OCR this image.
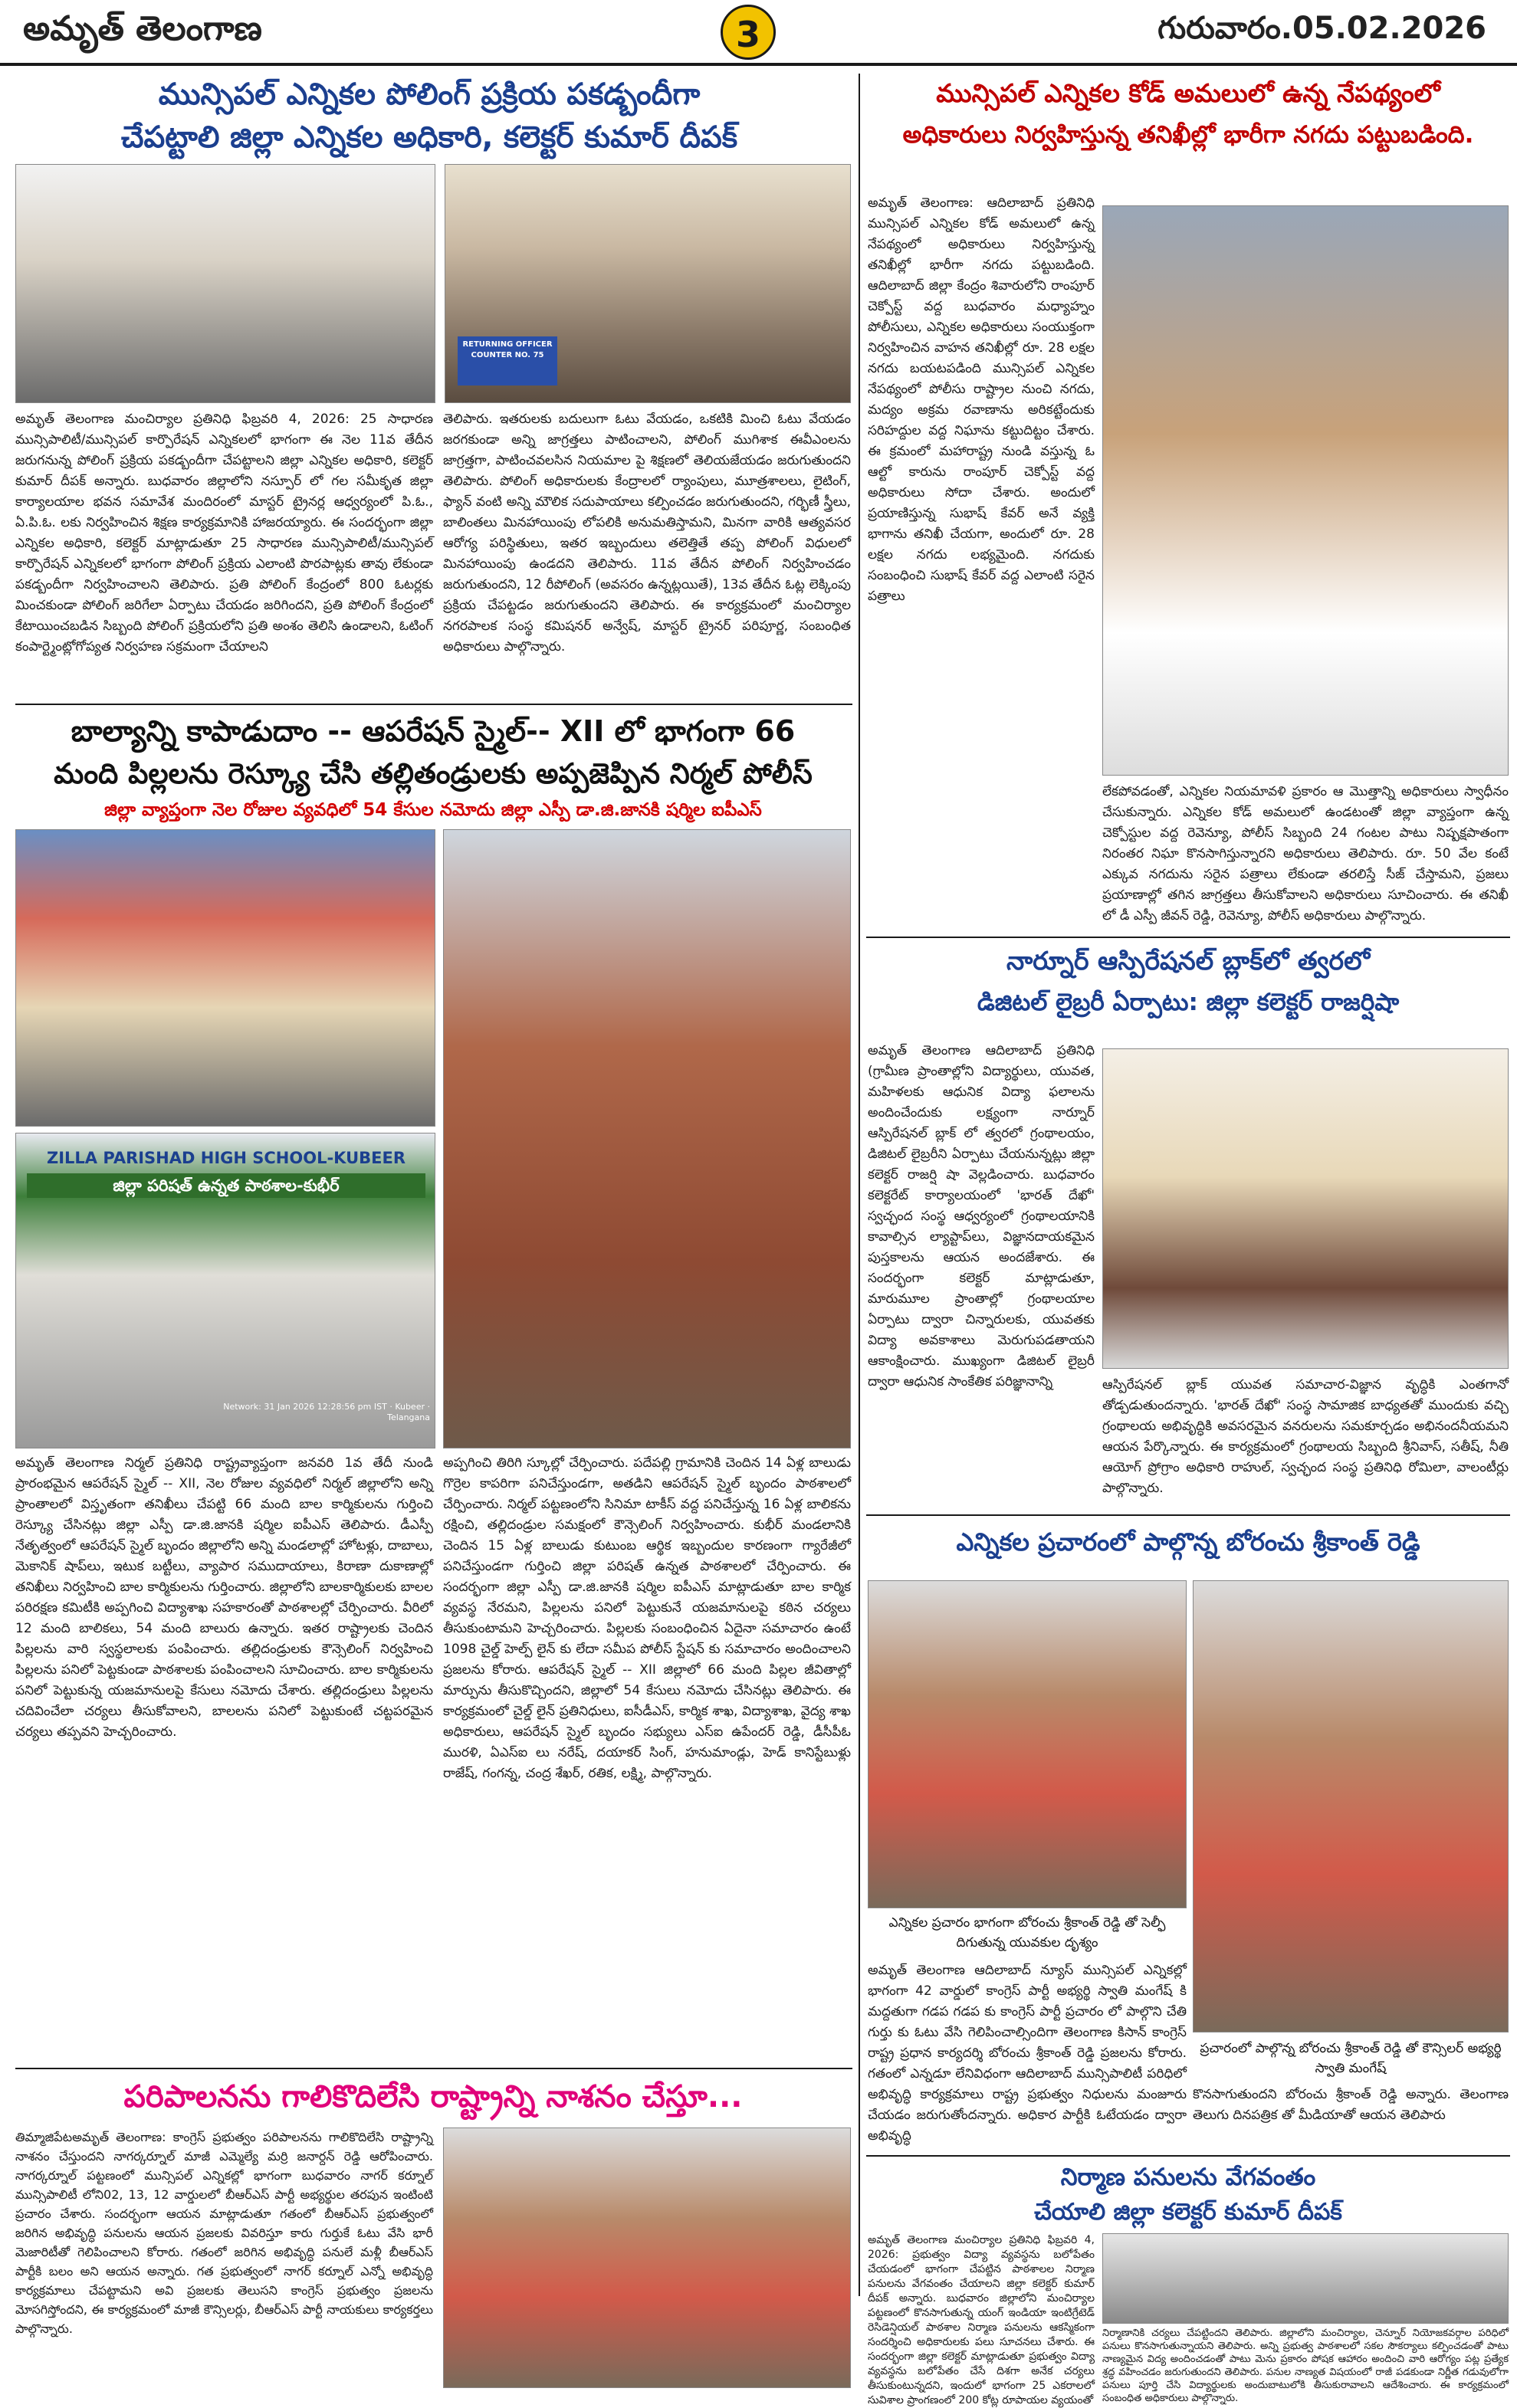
అమృత్ తెలంగాణ	3	గురువారం.05.02.2026
మున్సిపల్ ఎన్నికల పోలింగ్ ప్రక్రియ పకడ్బందీగా
చేపట్టాలి జిల్లా ఎన్నికల అధికారి, కలెక్టర్ కుమార్ దీపక్
RETURNING OFFICER COUNTER NO. 75
అమృత్ తెలంగాణ మంచిర్యాల ప్రతినిధి ఫిబ్రవరి 4, 2026: 25 సాధారణ మున్సిపాలిటీ/మున్సిపల్ కార్పొరేషన్ ఎన్నికలలో భాగంగా ఈ నెల 11వ తేదీన జరుగనున్న పోలింగ్ ప్రక్రియ పకడ్బందీగా చేపట్టాలని జిల్లా ఎన్నికల అధికారి, కలెక్టర్ కుమార్ దీపక్ అన్నారు. బుధవారం జిల్లాలోని నస్పూర్ లో గల సమీకృత జిల్లా కార్యాలయాల భవన సమావేశ మందిరంలో మాస్టర్ ట్రైనర్ల ఆధ్వర్యంలో పి.ఓ., ఏ.పి.ఓ. లకు నిర్వహించిన శిక్షణ కార్యక్రమానికి హాజరయ్యారు. ఈ సందర్భంగా జిల్లా ఎన్నికల అధికారి, కలెక్టర్ మాట్లాడుతూ 25 సాధారణ మున్సిపాలిటీ/మున్సిపల్ కార్పొరేషన్ ఎన్నికలలో భాగంగా పోలింగ్ ప్రక్రియ ఎలాంటి పొరపాట్లకు తావు లేకుండా పకడ్బందీగా నిర్వహించాలని తెలిపారు. ప్రతి పోలింగ్ కేంద్రంలో 800 ఓటర్లకు మించకుండా పోలింగ్ జరిగేలా ఏర్పాటు చేయడం జరిగిందని, ప్రతి పోలింగ్ కేంద్రంలో కేటాయించబడిన సిబ్బంది పోలింగ్ ప్రక్రియలోని ప్రతి అంశం తెలిసి ఉండాలని, ఓటింగ్ కంపార్ట్మెంట్లోగోప్యత నిర్వహణ సక్రమంగా చేయాలని
తెలిపారు. ఇతరులకు బదులుగా ఓటు వేయడం, ఒకటికి మించి ఓటు వేయడం జరగకుండా అన్ని జాగ్రత్తలు పాటించాలని, పోలింగ్ ముగిశాక ఈవీఎంలను జాగ్రత్తగా, పాటించవలసిన నియమాల పై శిక్షణలో తెలియజేయడం జరుగుతుందని తెలిపారు. పోలింగ్ అధికారులకు కేంద్రాలలో ర్యాంపులు, మూత్రశాలలు, లైటింగ్, ఫ్యాన్ వంటి అన్ని మౌలిక సదుపాయాలు కల్పించడం జరుగుతుందని, గర్భిణీ స్త్రీలు, బాలింతలు మినహాయింపు లోపలికి అనుమతిస్తామని, మినగా వారికి ఆత్యవసర ఆరోగ్య పరిస్థితులు, ఇతర ఇబ్బందులు తలెత్తితే తప్ప పోలింగ్ విధులలో మినహాయింపు ఉండదని తెలిపారు. 11వ తేదీన పోలింగ్ నిర్వహించడం జరుగుతుందని, 12 రీపోలింగ్ (అవసరం ఉన్నట్లయితే), 13వ తేదీన ఓట్ల లెక్కింపు ప్రక్రియ చేపట్టడం జరుగుతుందని తెలిపారు. ఈ కార్యక్రమంలో మంచిర్యాల నగరపాలక సంస్థ కమిషనర్ అన్వేష్, మాస్టర్ ట్రైనర్ పరిపూర్ణ, సంబంధిత అధికారులు పాల్గొన్నారు.
మున్సిపల్ ఎన్నికల కోడ్ అమలులో ఉన్న నేపథ్యంలో
అధికారులు నిర్వహిస్తున్న తనిఖీల్లో భారీగా నగదు పట్టుబడింది.
అమృత్ తెలంగాణ: ఆదిలాబాద్ ప్రతినిధి మున్సిపల్ ఎన్నికల కోడ్ అమలులో ఉన్న నేపథ్యంలో అధికారులు నిర్వహిస్తున్న తనిఖీల్లో భారీగా నగదు పట్టుబడింది. ఆదిలాబాద్ జిల్లా కేంద్రం శివారులోని రాంపూర్ చెక్పోస్ట్ వద్ద బుధవారం మధ్యాహ్నం పోలీసులు, ఎన్నికల అధికారులు సంయుక్తంగా నిర్వహించిన వాహన తనిఖీల్లో రూ. 28 లక్షల నగదు బయటపడింది మున్సిపల్ ఎన్నికల నేపథ్యంలో పోలీసు రాష్ట్రాల నుంచి నగదు, మద్యం అక్రమ రవాణాను అరికట్టేందుకు సరిహద్దుల వద్ద నిఘాను కట్టుదిట్టం చేశారు. ఈ క్రమంలో మహారాష్ట్ర నుండి వస్తున్న ఓ ఆల్టో కారును రాంపూర్ చెక్పోస్ట్ వద్ద అధికారులు సోదా చేశారు. అందులో ప్రయాణిస్తున్న సుభాష్ కేవర్ అనే వ్యక్తి భాగాను తనిఖీ చేయగా, అందులో రూ. 28 లక్షల నగదు లభ్యమైంది. నగదుకు సంబంధించి సుభాష్ కేవర్ వద్ద ఎలాంటి సరైన పత్రాలు
లేకపోవడంతో, ఎన్నికల నియమావళి ప్రకారం ఆ మొత్తాన్ని అధికారులు స్వాధీనం చేసుకున్నారు. ఎన్నికల కోడ్ అమలులో ఉండటంతో జిల్లా వ్యాప్తంగా ఉన్న చెక్పోస్టుల వద్ద రెవెన్యూ, పోలీస్ సిబ్బంది 24 గంటల పాటు నిష్పక్షపాతంగా నిరంతర నిఘా కొనసాగిస్తున్నారని అధికారులు తెలిపారు. రూ. 50 వేల కంటే ఎక్కువ నగదును సరైన పత్రాలు లేకుండా తరలిస్తే సీజ్ చేస్తామని, ప్రజలు ప్రయాణాల్లో తగిన జాగ్రత్తలు తీసుకోవాలని అధికారులు సూచించారు. ఈ తనిఖీ లో డీ ఎస్పీ జీవన్ రెడ్డి, రెవెన్యూ, పోలీస్ అధికారులు పాల్గొన్నారు.
బాల్యాన్ని కాపాడుదాం -- ఆపరేషన్ స్మైల్-- XII లో భాగంగా 66
మంది పిల్లలను రెస్క్యూ చేసి తల్లితండ్రులకు అప్పజెప్పిన నిర్మల్ పోలీస్
జిల్లా వ్యాప్తంగా నెల రోజుల వ్యవధిలో 54 కేసుల నమోదు జిల్లా ఎస్పీ డా.జి.జానకి షర్మిల ఐపీఎస్
ZILLA PARISHAD HIGH SCHOOL-KUBEER
జిల్లా పరిషత్ ఉన్నత పాఠశాల-కుభీర్
Network: 31 Jan 2026 12:28:56 pm IST · Kubeer · Telangana
అమృత్ తెలంగాణ నిర్మల్ ప్రతినిధి రాష్ట్రవ్యాప్తంగా జనవరి 1వ తేదీ నుండి ప్రారంభమైన ఆపరేషన్ స్మైల్ -- XII, నెల రోజుల వ్యవధిలో నిర్మల్ జిల్లాలోని అన్ని ప్రాంతాలలో విస్తృతంగా తనిఖీలు చేపట్టి 66 మంది బాల కార్మికులను గుర్తించి రెస్క్యూ చేసినట్లు జిల్లా ఎస్పీ డా.జి.జానకి షర్మిల ఐపీఎస్ తెలిపారు. డీఎస్పీ నేతృత్వంలో ఆపరేషన్ స్మైల్ బృందం జిల్లాలోని అన్ని మండలాల్లో హోటళ్లు, దాబాలు, మెకానిక్ షాప్‌లు, ఇటుక బట్టీలు, వ్యాపార సముదాయాలు, కిరాణా దుకాణాల్లో తనిఖీలు నిర్వహించి బాల కార్మికులను గుర్తించారు. జిల్లాలోని బాలకార్మికులకు బాలల పరిరక్షణ కమిటీకి అప్పగించి విద్యాశాఖ సహకారంతో పాఠశాలల్లో చేర్పించారు. వీరిలో 12 మంది బాలికలు, 54 మంది బాలురు ఉన్నారు. ఇతర రాష్ట్రాలకు చెందిన పిల్లలను వారి స్వస్థలాలకు పంపించారు. తల్లిదండ్రులకు కౌన్సెలింగ్ నిర్వహించి పిల్లలను పనిలో పెట్టకుండా పాఠశాలకు పంపించాలని సూచించారు. బాల కార్మికులను పనిలో పెట్టుకున్న యజమానులపై కేసులు నమోదు చేశారు. తల్లిదండ్రులు పిల్లలను చదివించేలా చర్యలు తీసుకోవాలని, బాలలను పనిలో పెట్టుకుంటే చట్టపరమైన చర్యలు తప్పవని హెచ్చరించారు.
అప్పగించి తిరిగి స్కూల్లో చేర్పించారు. పదేపల్లి గ్రామానికి చెందిన 14 ఏళ్ల బాలుడు గొర్రెల కాపరిగా పనిచేస్తుండగా, అతడిని ఆపరేషన్ స్మైల్ బృందం పాఠశాలలో చేర్పించారు. నిర్మల్ పట్టణంలోని సినిమా టాకీస్ వద్ద పనిచేస్తున్న 16 ఏళ్ల బాలికను రక్షించి, తల్లిదండ్రుల సమక్షంలో కౌన్సెలింగ్ నిర్వహించారు. కుభీర్ మండలానికి చెందిన 15 ఏళ్ల బాలుడు కుటుంబ ఆర్థిక ఇబ్బందుల కారణంగా గ్యారేజీలో పనిచేస్తుండగా గుర్తించి జిల్లా పరిషత్ ఉన్నత పాఠశాలలో చేర్పించారు. ఈ సందర్భంగా జిల్లా ఎస్పీ డా.జి.జానకి షర్మిల ఐపీఎస్ మాట్లాడుతూ బాల కార్మిక వ్యవస్థ నేరమని, పిల్లలను పనిలో పెట్టుకునే యజమానులపై కఠిన చర్యలు తీసుకుంటామని హెచ్చరించారు. పిల్లలకు సంబంధించిన ఏదైనా సమాచారం ఉంటే 1098 చైల్డ్ హెల్ప్ లైన్ కు లేదా సమీప పోలీస్ స్టేషన్ కు సమాచారం అందించాలని ప్రజలను కోరారు. ఆపరేషన్ స్మైల్ -- XII జిల్లాలో 66 మంది పిల్లల జీవితాల్లో మార్పును తీసుకొచ్చిందని, జిల్లాలో 54 కేసులు నమోదు చేసినట్లు తెలిపారు. ఈ కార్యక్రమంలో చైల్డ్ లైన్ ప్రతినిధులు, ఐసీడీఎస్, కార్మిక శాఖ, విద్యాశాఖ, వైద్య శాఖ అధికారులు, ఆపరేషన్ స్మైల్ బృందం సభ్యులు ఎస్ఐ ఉపేందర్ రెడ్డి, డీసీపీఓ మురళి, ఏఎస్ఐ లు నరేష్, దయాకర్ సింగ్, హనుమాండ్లు, హెడ్ కానిస్టేబుళ్లు రాజేష్, గంగన్న, చంద్ర శేఖర్, రతిక, లక్ష్మి, పాల్గొన్నారు.
నార్నూర్ ఆస్పిరేషనల్ బ్లాక్‌లో త్వరలో
డిజిటల్ లైబ్రరీ ఏర్పాటు: జిల్లా కలెక్టర్ రాజర్షిషా
అమృత్ తెలంగాణ ఆదిలాబాద్ ప్రతినిధి (గ్రామీణ ప్రాంతాల్లోని విద్యార్థులు, యువత, మహిళలకు ఆధునిక విద్యా ఫలాలను అందించేందుకు లక్ష్యంగా నార్నూర్ ఆస్పిరేషనల్ బ్లాక్ లో త్వరలో గ్రంథాలయం, డిజిటల్ లైబ్రరీని ఏర్పాటు చేయనున్నట్లు జిల్లా కలెక్టర్ రాజర్షి షా వెల్లడించారు. బుధవారం కలెక్టరేట్ కార్యాలయంలో 'భారత్ దేఖో' స్వచ్ఛంద సంస్థ ఆధ్వర్యంలో గ్రంథాలయానికి కావాల్సిన ల్యాప్టాప్‌లు, విజ్ఞానదాయకమైన పుస్తకాలను ఆయన అందజేశారు. ఈ సందర్భంగా కలెక్టర్ మాట్లాడుతూ, మారుమూల ప్రాంతాల్లో గ్రంథాలయాల ఏర్పాటు ద్వారా చిన్నారులకు, యువతకు విద్యా అవకాశాలు మెరుగుపడతాయని ఆకాంక్షించారు. ముఖ్యంగా డిజిటల్ లైబ్రరీ ద్వారా ఆధునిక సాంకేతిక పరిజ్ఞానాన్ని	ఆస్పిరేషనల్ బ్లాక్ యువత సమాచార-విజ్ఞాన వృద్ధికి ఎంతగానో తోడ్పడుతుందన్నారు. 'భారత్ దేఖో' సంస్థ సామాజిక బాధ్యతతో ముందుకు వచ్చి గ్రంథాలయ అభివృద్ధికి అవసరమైన వనరులను సమకూర్చడం అభినందనీయమని ఆయన పేర్కొన్నారు. ఈ కార్యక్రమంలో గ్రంథాలయ సిబ్బంది శ్రీనివాస్, సతీష్, నీతి ఆయోగ్ ప్రోగ్రాం అధికారి రాహుల్, స్వచ్ఛంద సంస్థ ప్రతినిధి రోమిలా, వాలంటీర్లు పాల్గొన్నారు.
ఎన్నికల ప్రచారంలో పాల్గొన్న బోరంచు శ్రీకాంత్ రెడ్డి
ఎన్నికల ప్రచారం భాగంగా బోరంచు శ్రీకాంత్ రెడ్డి తో సెల్ఫీ దిగుతున్న యువకుల దృశ్యం
అమృత్ తెలంగాణ ఆదిలాబాద్ న్యూస్ మున్సిపల్ ఎన్నికల్లో భాగంగా 42 వార్డులో కాంగ్రెస్ పార్టీ అభ్యర్థి స్వాతి మంగేష్ కి మద్దతుగా గడప గడప కు కాంగ్రెస్ పార్టీ ప్రచారం లో పాల్గొని చేతి గుర్తు కు ఓటు వేసి గెలిపించాల్సిందిగా తెలంగాణ కిసాన్ కాంగ్రెస్ రాష్ట్ర ప్రధాన కార్యదర్శి బోరంచు శ్రీకాంత్ రెడ్డి ప్రజలను కోరారు. గతంలో ఎన్నడూ లేనివిధంగా ఆదిలాబాద్ మున్సిపాలిటీ పరిధిలో అభివృద్ధి కార్యక్రమాలు రాష్ట్ర ప్రభుత్వం నిధులను మంజూరు చేయడం జరుగుతోందన్నారు. అధికార పార్టీకి ఓటేయడం ద్వారా అభివృద్ధి
ప్రచారంలో పాల్గొన్న బోరంచు శ్రీకాంత్ రెడ్డి తో కౌన్సిలర్ అభ్యర్థి స్వాతి మంగేష్
కొనసాగుతుందని బోరంచు శ్రీకాంత్ రెడ్డి అన్నారు. తెలంగాణ తెలుగు దినపత్రిక తో మీడియాతో ఆయన తెలిపారు
నిర్మాణ పనులను వేగవంతం
చేయాలి జిల్లా కలెక్టర్ కుమార్ దీపక్
అమృత్ తెలంగాణ మంచిర్యాల ప్రతినిధి ఫిబ్రవరి 4, 2026: ప్రభుత్వం విద్యా వ్యవస్థను బలోపేతం చేయడంలో భాగంగా చేపట్టిన పాఠశాలల నిర్మాణ పనులను వేగవంతం చేయాలని జిల్లా కలెక్టర్ కుమార్ దీపక్ అన్నారు. బుధవారం జిల్లాలోని మంచిర్యాల పట్టణంలో కొనసాగుతున్న యంగ్ ఇండియా ఇంటిగ్రేటెడ్ రెసిడెన్షియల్ పాఠశాల నిర్మాణ పనులను ఆకస్మికంగా సందర్శించి అధికారులకు పలు సూచనలు చేశారు. ఈ సందర్భంగా జిల్లా కలెక్టర్ మాట్లాడుతూ ప్రభుత్వం విద్యా వ్యవస్థను బలోపేతం చేసే దిశగా అనేక చర్యలు తీసుకుంటున్నదని, ఇందులో భాగంగా 25 ఎకరాలలో సువిశాల ప్రాంగణంలో 200 కోట్ల రూపాయల వ్యయంతో
నిర్మాణానికి చర్యలు చేపట్టిందని తెలిపారు. జిల్లాలోని మంచిర్యాల, చెన్నూర్ నియోజకవర్గాల పరిధిలో పనులు కొనసాగుతున్నాయని తెలిపారు. అన్ని ప్రభుత్వ పాఠశాలలో సకల సౌకర్యాలు కల్పించడంతో పాటు నాణ్యమైన విద్య అందించడంతో పాటు మెను ప్రకారం పోషక ఆహారం అందించి వారి ఆరోగ్యం పట్ల ప్రత్యేక శ్రద్ధ వహించడం జరుగుతుందని తెలిపారు. పనుల నాణ్యత విషయంలో రాజీ పడకుండా నిర్ణీత గడువులోగా పనులు పూర్తి చేసి విద్యార్థులకు అందుబాటులోకి తీసుకురావాలని ఆదేశించారు. ఈ కార్యక్రమంలో సంబంధిత అధికారులు పాల్గొన్నారు.
పరిపాలనను గాలికొదిలేసి రాష్ట్రాన్ని నాశనం చేస్తూ...
తిమ్మాజిపేటఅమృత్ తెలంగాణ: కాంగ్రెస్ ప్రభుత్వం పరిపాలనను గాలికొదిలేసి రాష్ట్రాన్ని నాశనం చేస్తుందని నాగర్కర్నూల్ మాజీ ఎమ్మెల్యే మర్రి జనార్దన్ రెడ్డి ఆరోపించారు. నాగర్కర్నూల్ పట్టణంలో మున్సిపల్ ఎన్నికల్లో భాగంగా బుధవారం నాగర్ కర్నూల్ మున్సిపాలిటీ లోని02, 13, 12 వార్డులలో బీఆర్ఎస్ పార్టీ అభ్యర్థుల తరపున ఇంటింటి ప్రచారం చేశారు. సందర్భంగా ఆయన మాట్లాడుతూ గతంలో బీఆర్ఎస్ ప్రభుత్వంలో జరిగిన అభివృద్ధి పనులను ఆయన ప్రజలకు వివరిస్తూ కారు గుర్తుకే ఓటు వేసి భారీ మెజారిటీతో గెలిపించాలని కోరారు. గతంలో జరిగిన అభివృద్ధి పనులే మళ్లీ బీఆర్ఎస్ పార్టీకి బలం అని ఆయన అన్నారు. గత ప్రభుత్వంలో నాగర్ కర్నూల్ ఎన్నో అభివృద్ధి కార్యక్రమాలు చేపట్టామని అవి ప్రజలకు తెలుసని కాంగ్రెస్ ప్రభుత్వం ప్రజలను మోసగిస్తోందని, ఈ కార్యక్రమంలో మాజీ కౌన్సిలర్లు, బీఆర్ఎస్ పార్టీ నాయకులు కార్యకర్తలు పాల్గొన్నారు.
